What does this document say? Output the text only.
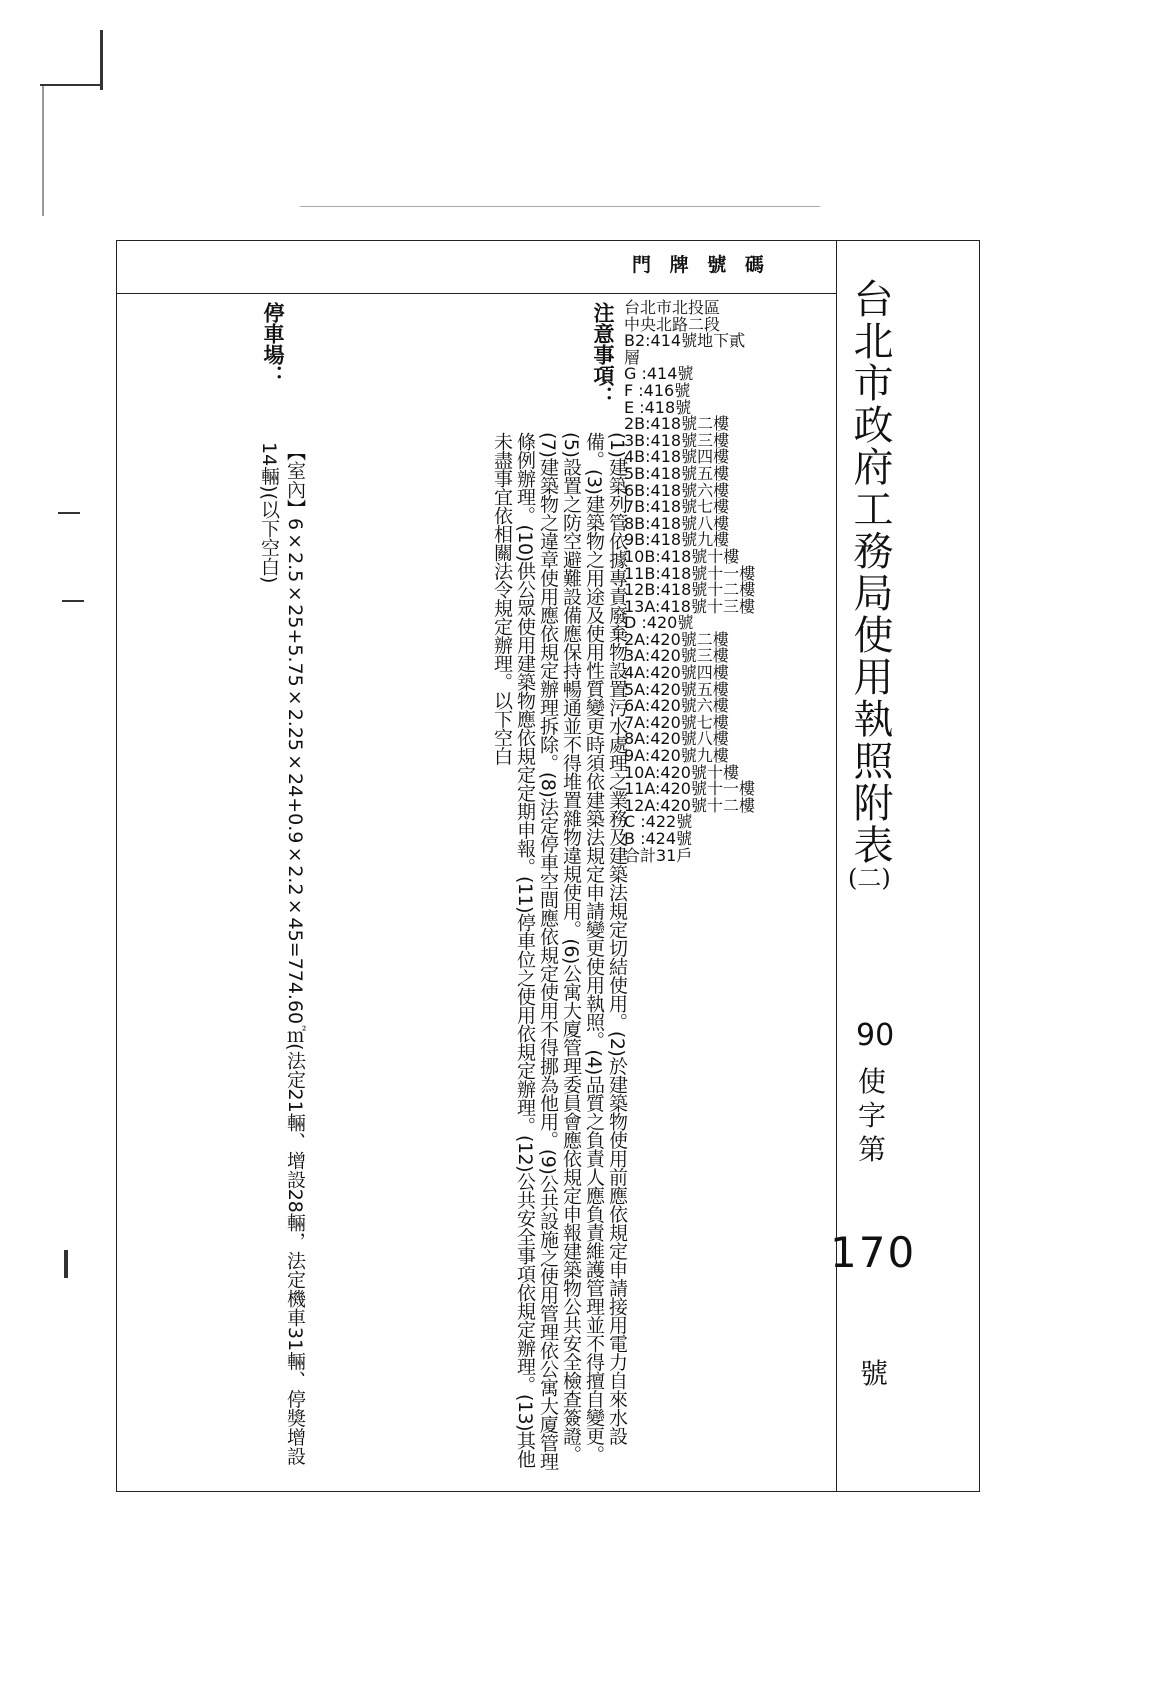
門 牌 號 碼
台北市政府工務局使用執照附表
(二)
90
使
字
第
170
號
台北市北投區
中央北路二段
B2:414號地下貳
層
G :414號
F :416號
E :418號
2B:418號二樓
3B:418號三樓
4B:418號四樓
5B:418號五樓
6B:418號六樓
7B:418號七樓
8B:418號八樓
9B:418號九樓
10B:418號十樓
11B:418號十一樓
12B:418號十二樓
13A:418號十三樓
D :420號
2A:420號二樓
3A:420號三樓
4A:420號四樓
5A:420號五樓
6A:420號六樓
7A:420號七樓
8A:420號八樓
9A:420號九樓
10A:420號十樓
11A:420號十一樓
12A:420號十二樓
C :422號
B :424號
合計31戶
注意事項：
(1)建築列管依據專責廢棄物設置污水處理之業務及建築法規定切結使用。(2)於建築物使用前應依規定申請接用電力自來水設備。(3)建築物之用途及使用性質變更時須依建築法規定申請變更使用執照。(4)品質之負責人應負責維護管理並不得擅自變更。(5)設置之防空避難設備應保持暢通並不得堆置雜物違規使用。(6)公寓大廈管理委員會應依規定申報建築物公共安全檢查簽證。(7)建築物之違章使用應依規定辦理拆除。(8)法定停車空間應依規定使用不得挪為他用。(9)公共設施之使用管理依公寓大廈管理條例辦理。(10)供公眾使用建築物應依規定定期申報。(11)停車位之使用依規定辦理。(12)公共安全事項依規定辦理。(13)其他未盡事宜依相關法令規定辦理。以下空白
停車場：
【室內】6×2.5×25+5.75×2.25×24+0.9×2.2×45=774.60㎡(法定21輛、增設28輛，法定機車31輛、停獎增設14輛)(以下空白)
